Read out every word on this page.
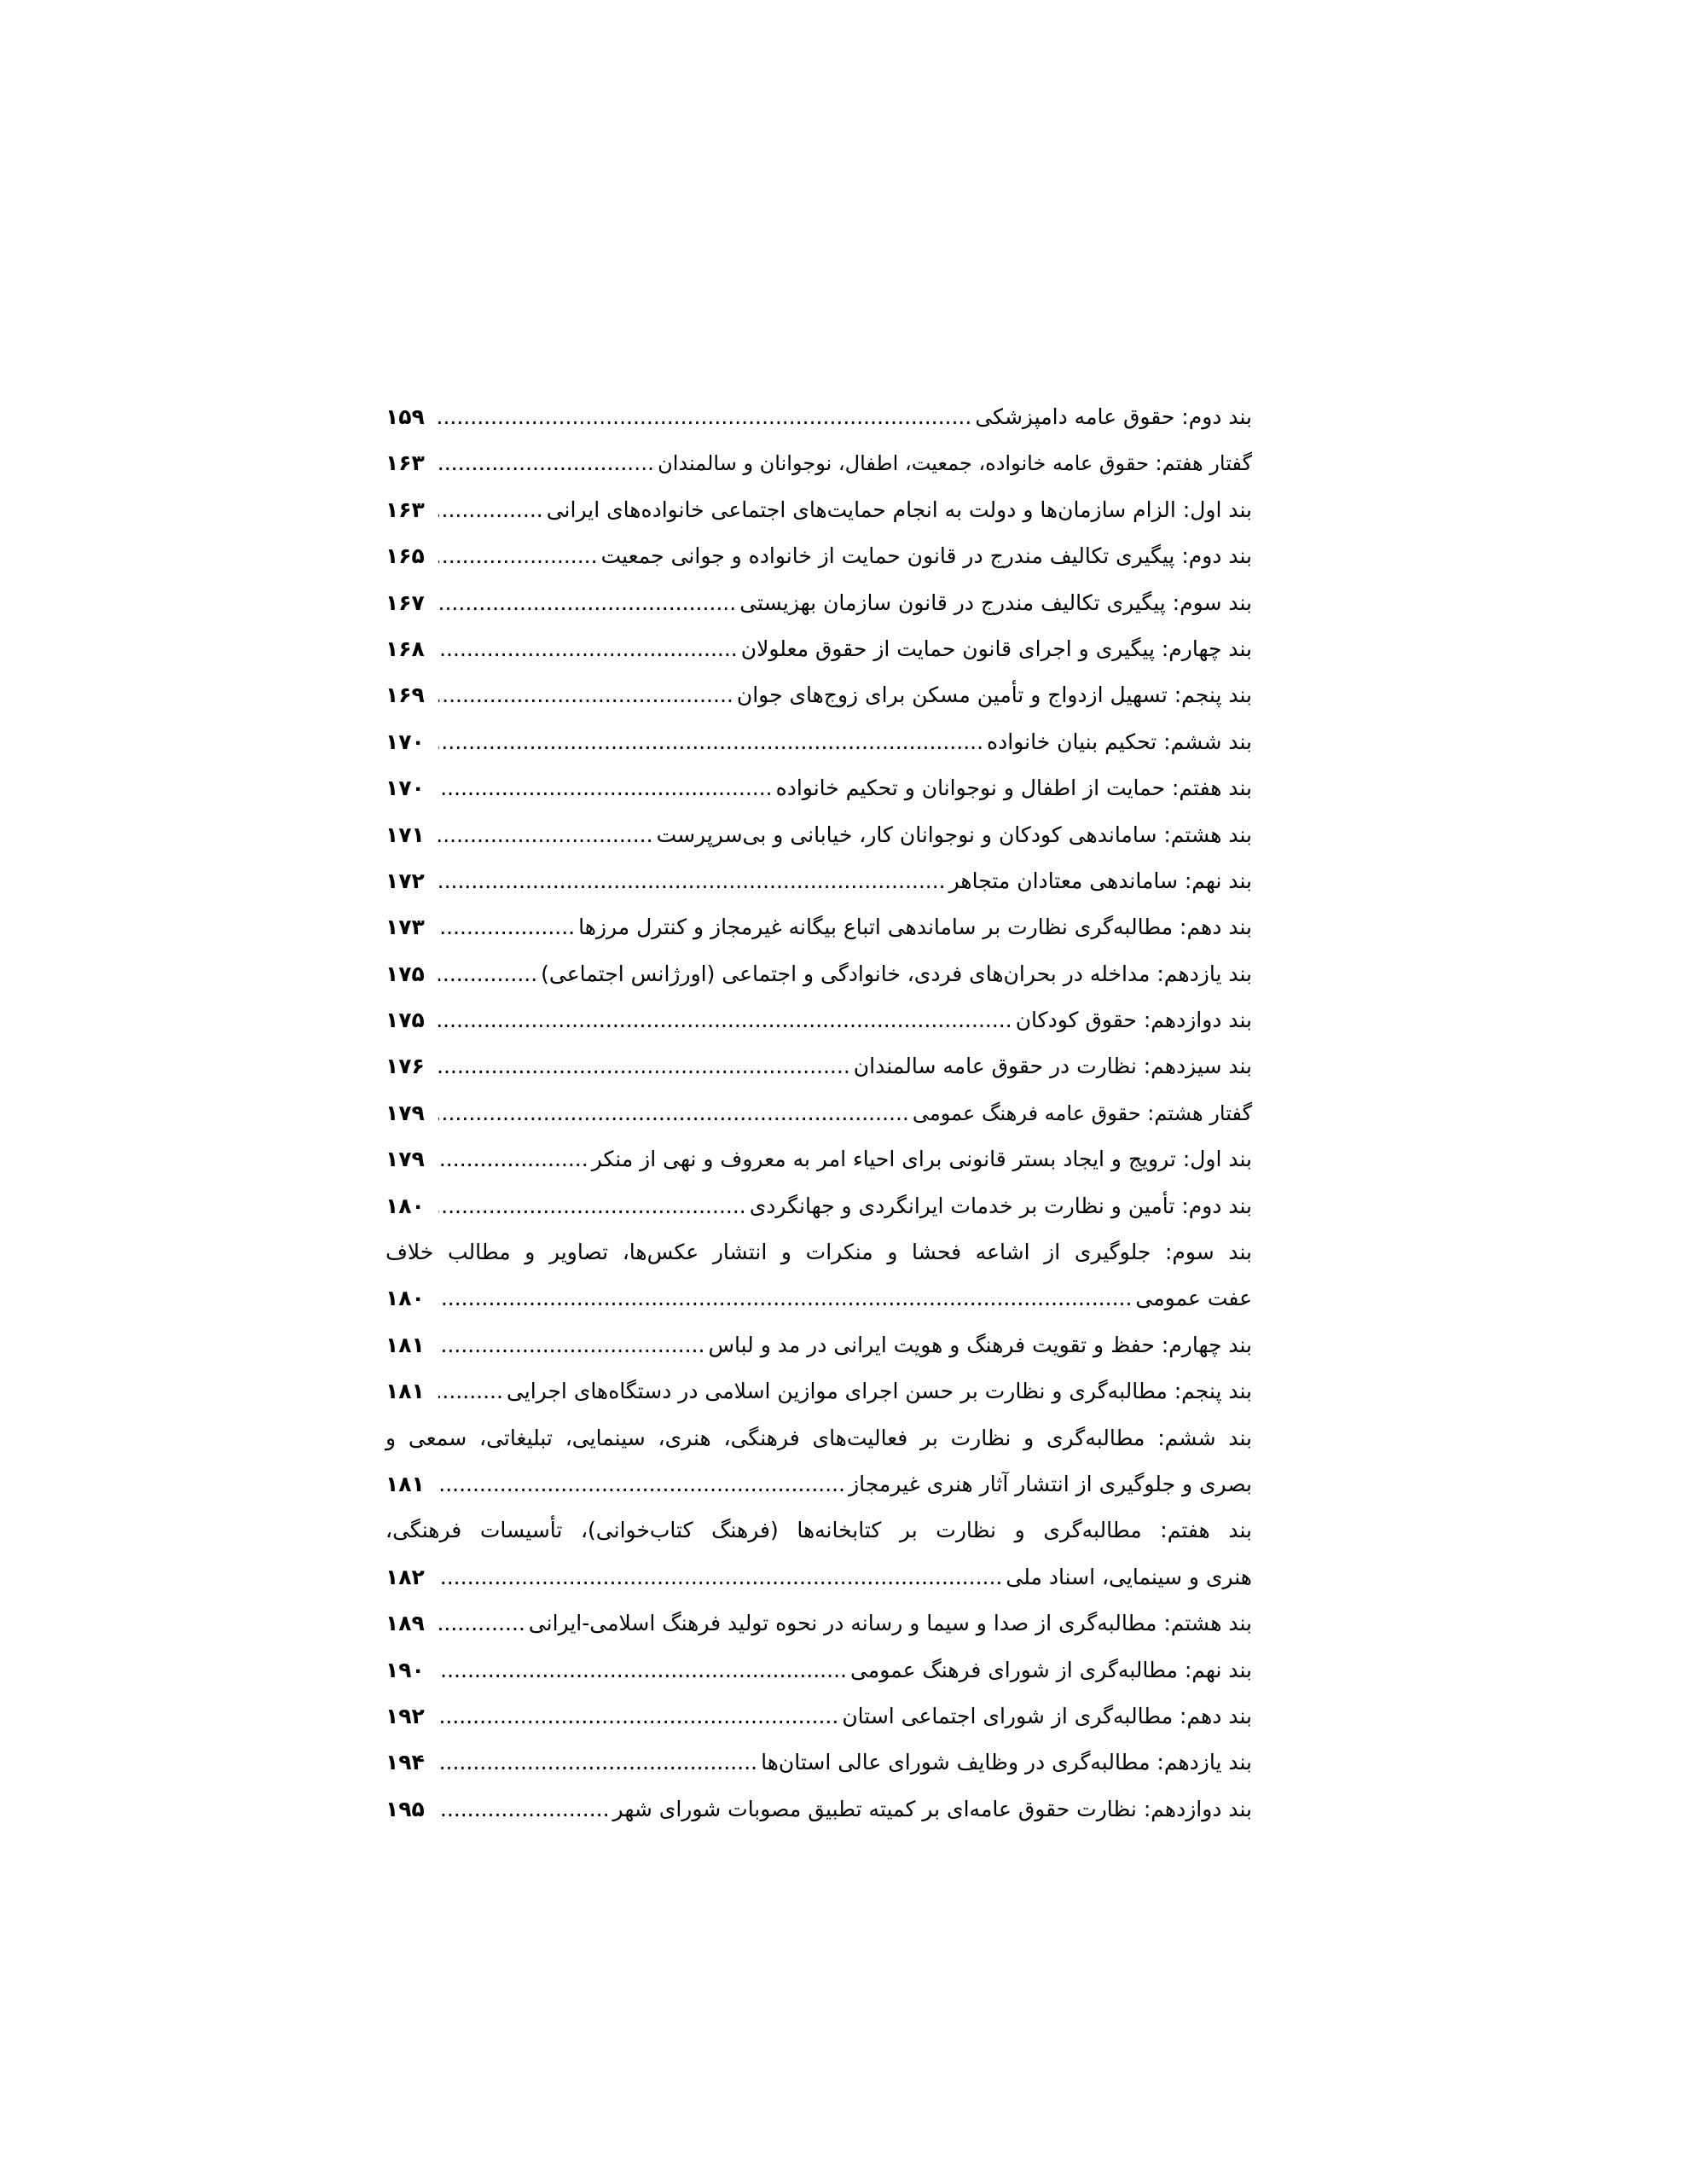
بند دوم: حقوق عامه دامپزشکی
.....
۱۵۹
گفتار هفتم: حقوق عامه خانواده، جمعیت، اطفال، نوجوانان و سالمندان
.....
۱۶۳
بند اول: الزام سازمان‌ها و دولت به انجام حمایت‌های اجتماعی خانواده‌های ایرانی
.....
۱۶۳
بند دوم: پیگیری تکالیف مندرج در قانون حمایت از خانواده و جوانی جمعیت
.....
۱۶۵
بند سوم: پیگیری تکالیف مندرج در قانون سازمان بهزیستی
.....
۱۶۷
بند چهارم: پیگیری و اجرای قانون حمایت از حقوق معلولان
.....
۱۶۸
بند پنجم: تسهیل ازدواج و تأمین مسکن برای زوج‌های جوان
.....
۱۶۹
بند ششم: تحکیم بنیان خانواده
.....
۱۷۰
بند هفتم: حمایت از اطفال و نوجوانان و تحکیم خانواده
.....
۱۷۰
بند هشتم: ساماندهی کودکان و نوجوانان کار، خیابانی و بی‌سرپرست
.....
۱۷۱
بند نهم: ساماندهی معتادان متجاهر
.....
۱۷۲
بند دهم: مطالبه‌گری نظارت بر ساماندهی اتباع بیگانه غیرمجاز و کنترل مرزها
.....
۱۷۳
بند یازدهم: مداخله در بحران‌های فردی، خانوادگی و اجتماعی (اورژانس اجتماعی)
.....
۱۷۵
بند دوازدهم: حقوق کودکان
.....
۱۷۵
بند سیزدهم: نظارت در حقوق عامه سالمندان
.....
۱۷۶
گفتار هشتم: حقوق عامه فرهنگ عمومی
.....
۱۷۹
بند اول: ترویج و ایجاد بستر قانونی برای احیاء امر به معروف و نهی از منکر
.....
۱۷۹
بند دوم: تأمین و نظارت بر خدمات ایرانگردی و جهانگردی
.....
۱۸۰
بند سوم: جلوگیری از اشاعه فحشا و منکرات و انتشار عکس‌ها، تصاویر و مطالب خلاف
عفت عمومی
.....
۱۸۰
بند چهارم: حفظ و تقویت فرهنگ و هویت ایرانی در مد و لباس
.....
۱۸۱
بند پنجم: مطالبه‌گری و نظارت بر حسن اجرای موازین اسلامی در دستگاه‌های اجرایی
.....
۱۸۱
بند ششم: مطالبه‌گری و نظارت بر فعالیت‌های فرهنگی، هنری، سینمایی، تبلیغاتی، سمعی و
بصری و جلوگیری از انتشار آثار هنری غیرمجاز
.....
۱۸۱
بند هفتم: مطالبه‌گری و نظارت بر کتابخانه‌ها (فرهنگ کتاب‌خوانی)، تأسیسات فرهنگی،
هنری و سینمایی، اسناد ملی
.....
۱۸۲
بند هشتم: مطالبه‌گری از صدا و سیما و رسانه در نحوه تولید فرهنگ اسلامی-ایرانی
.....
۱۸۹
بند نهم: مطالبه‌گری از شورای فرهنگ عمومی
.....
۱۹۰
بند دهم: مطالبه‌گری از شورای اجتماعی استان
.....
۱۹۲
بند یازدهم: مطالبه‌گری در وظایف شورای عالی استان‌ها
.....
۱۹۴
بند دوازدهم: نظارت حقوق عامه‌ای بر کمیته تطبیق مصوبات شورای شهر
.....
۱۹۵
